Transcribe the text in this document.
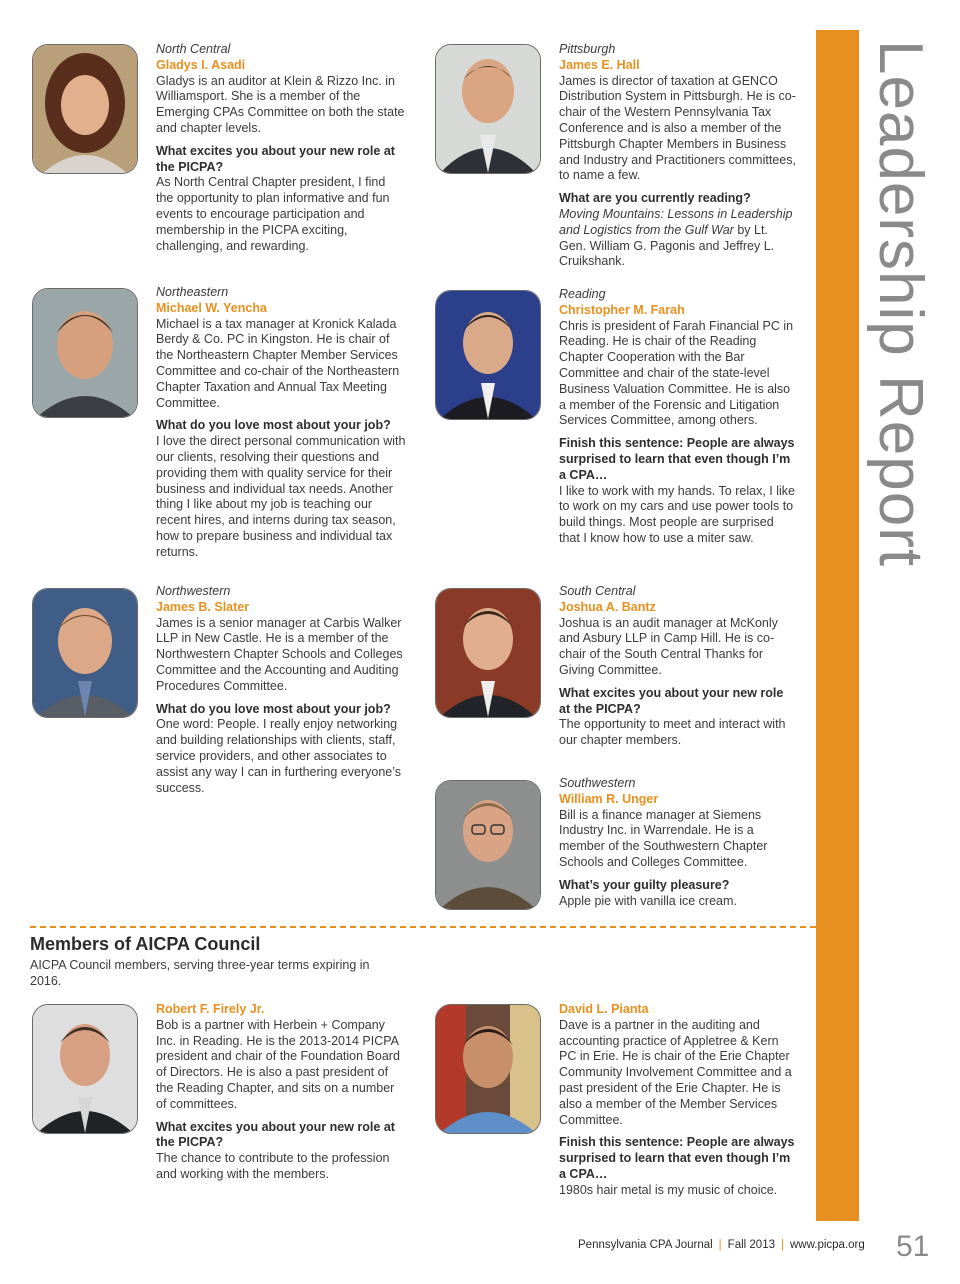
Leadership Report
North Central
Gladys I. Asadi

Gladys is an auditor at Klein & Rizzo Inc. in Williamsport. She is a member of the Emerging CPAs Committee on both the state and chapter levels.

What excites you about your new role at the PICPA?

As North Central Chapter president, I find the opportunity to plan informative and fun events to encourage participation and membership in the PICPA exciting, challenging, and rewarding.

Pittsburgh
James E. Hall

James is director of taxation at GENCO Distribution System in Pittsburgh. He is co-chair of the Western Pennsylvania Tax Conference and is also a member of the Pittsburgh Chapter Members in Business and Industry and Practitioners committees, to name a few.

What are you currently reading?

Moving Mountains: Lessons in Leadership and Logistics from the Gulf War by Lt. Gen. William G. Pagonis and Jeffrey L. Cruikshank.

Northeastern
Michael W. Yencha

Michael is a tax manager at Kronick Kalada Berdy & Co. PC in Kingston. He is chair of the Northeastern Chapter Member Services Committee and co-chair of the Northeastern Chapter Taxation and Annual Tax Meeting Committee.

What do you love most about your job?

I love the direct personal communication with our clients, resolving their questions and providing them with quality service for their business and individual tax needs. Another thing I like about my job is teaching our recent hires, and interns during tax season, how to prepare business and individual tax returns.

Reading
Christopher M. Farah

Chris is president of Farah Financial PC in Reading. He is chair of the Reading Chapter Cooperation with the Bar Committee and chair of the state-level Business Valuation Committee. He is also a member of the Forensic and Litigation Services Committee, among others.

Finish this sentence: People are always surprised to learn that even though I’m a CPA…

I like to work with my hands. To relax, I like to work on my cars and use power tools to build things. Most people are surprised that I know how to use a miter saw.

Northwestern
James B. Slater

James is a senior manager at Carbis Walker LLP in New Castle. He is a member of the Northwestern Chapter Schools and Colleges Committee and the Accounting and Auditing Procedures Committee.

What do you love most about your job?

One word: People. I really enjoy networking and building relationships with clients, staff, service providers, and other associates to assist any way I can in furthering everyone’s success.

South Central
Joshua A. Bantz

Joshua is an audit manager at McKonly and Asbury LLP in Camp Hill. He is co-chair of the South Central Thanks for Giving Committee.

What excites you about your new role at the PICPA?

The opportunity to meet and interact with our chapter members.

Southwestern
William R. Unger

Bill is a finance manager at Siemens Industry Inc. in Warrendale. He is a member of the Southwestern Chapter Schools and Colleges Committee.

What’s your guilty pleasure?

Apple pie with vanilla ice cream.

Members of AICPA Council
AICPA Council members, serving three-year terms expiring in 2016.
Robert F. Firely Jr.

Bob is a partner with Herbein + Company Inc. in Reading. He is the 2013-2014 PICPA president and chair of the Foundation Board of Directors. He is also a past president of the Reading Chapter, and sits on a number of committees.

What excites you about your new role at the PICPA?

The chance to contribute to the profession and working with the members.

David L. Pianta

Dave is a partner in the auditing and accounting practice of Appletree & Kern PC in Erie. He is chair of the Erie Chapter Community Involvement Committee and a past president of the Erie Chapter. He is also a member of the Member Services Committee.

Finish this sentence: People are always surprised to learn that even though I’m a CPA…

1980s hair metal is my music of choice.

Pennsylvania CPA Journal | Fall 2013 | www.picpa.org 51
